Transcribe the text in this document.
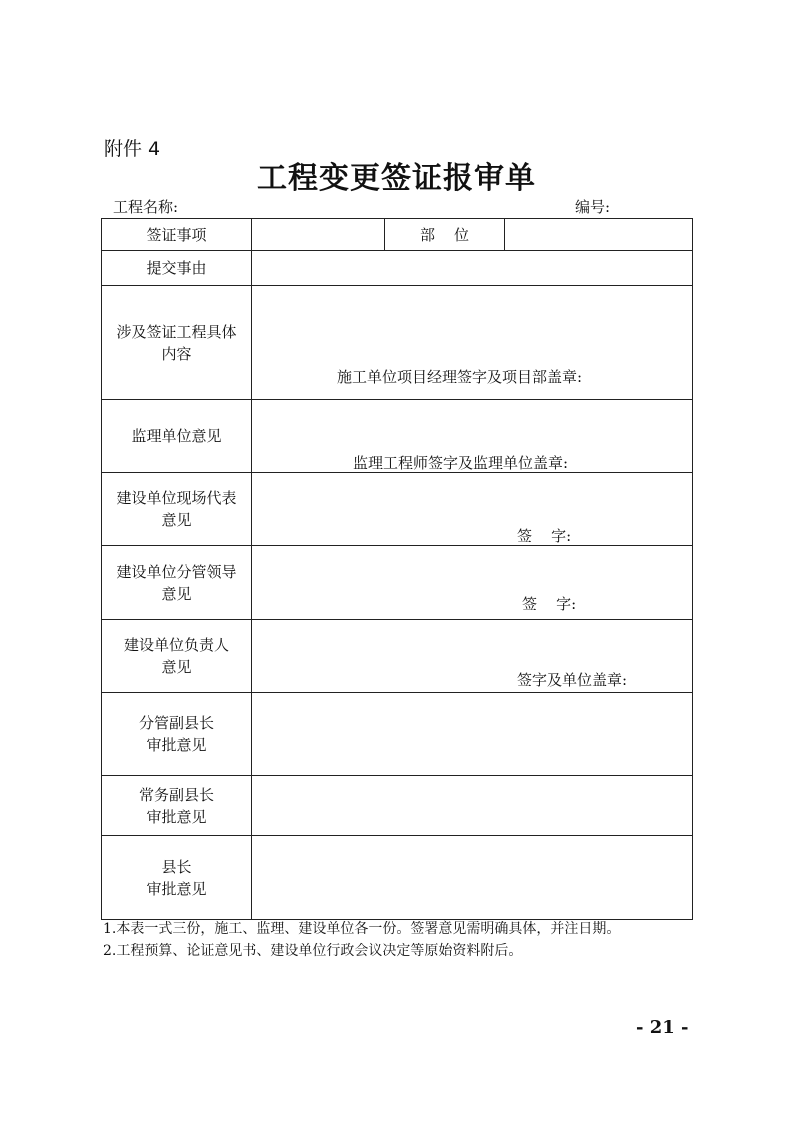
附件 4
工程变更签证报审单
工程名称:	编号:
签证事项		部    位	
提交事由			

涉及签证工程具体
内容	施工单位项目经理签字及项目部盖章:		

监理单位意见	监理工程师签字及监理单位盖章:		

建设单位现场代表
意见	签    字:		

建设单位分管领导
意见	签    字:		

建设单位负责人
意见	签字及单位盖章:		

分管副县长
审批意见			

常务副县长
审批意见			

县长
审批意见			

1.本表一式三份，施工、监理、建设单位各一份。签署意见需明确具体，并注日期。
2.工程预算、论证意见书、建设单位行政会议决定等原始资料附后。
- 21 -
